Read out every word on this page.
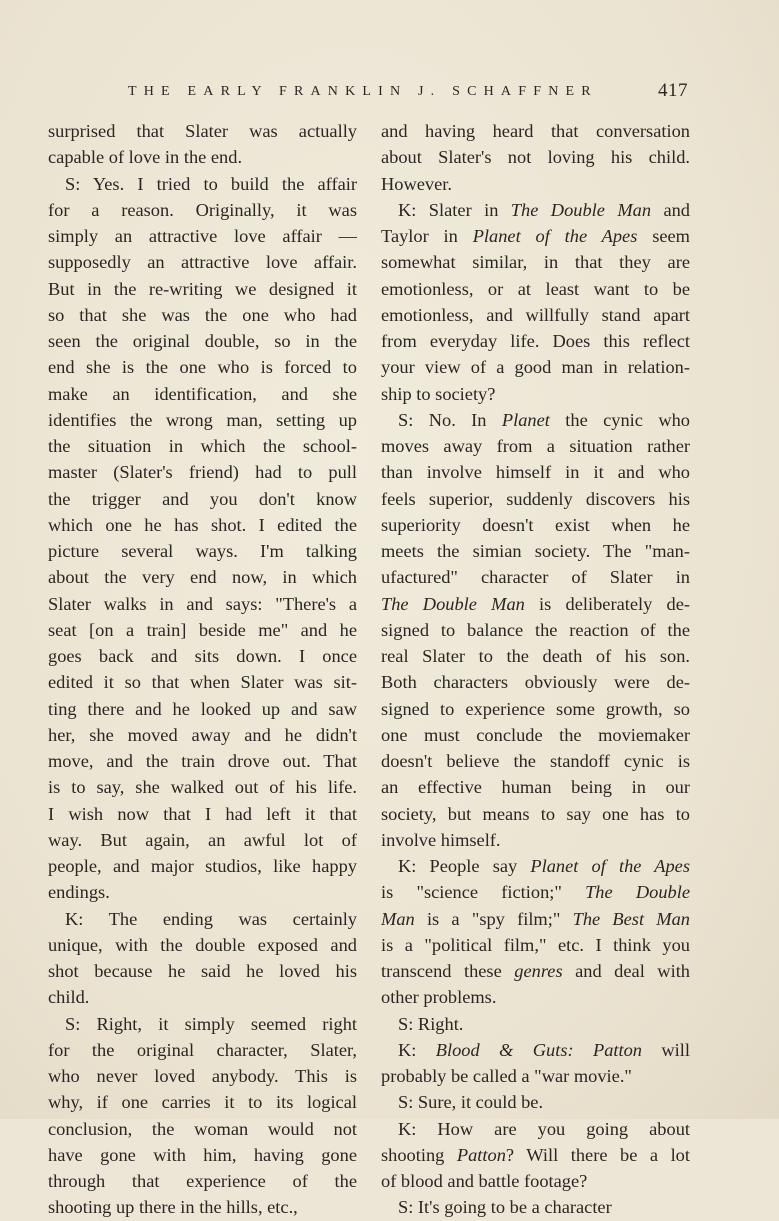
THE EARLY FRANKLIN J. SCHAFFNER	417

surprised that Slater was actually
capable of love in the end.

S: Yes. I tried to build the affair
for a reason. Originally, it was
simply an attractive love affair —
supposedly an attractive love affair.
But in the re-writing we designed it
so that she was the one who had
seen the original double, so in the
end she is the one who is forced to
make an identification, and she
identifies the wrong man, setting up
the situation in which the school-
master (Slater's friend) had to pull
the trigger and you don't know
which one he has shot. I edited the
picture several ways. I'm talking
about the very end now, in which
Slater walks in and says: "There's a
seat [on a train] beside me" and he
goes back and sits down. I once
edited it so that when Slater was sit-
ting there and he looked up and saw
her, she moved away and he didn't
move, and the train drove out. That
is to say, she walked out of his life.
I wish now that I had left it that
way. But again, an awful lot of
people, and major studios, like happy
endings.

K: The ending was certainly
unique, with the double exposed and
shot because he said he loved his
child.

S: Right, it simply seemed right
for the original character, Slater,
who never loved anybody. This is
why, if one carries it to its logical
conclusion, the woman would not
have gone with him, having gone
through that experience of the
shooting up there in the hills, etc.,

and having heard that conversation
about Slater's not loving his child.
However.

K: Slater in The Double Man and
Taylor in Planet of the Apes seem
somewhat similar, in that they are
emotionless, or at least want to be
emotionless, and willfully stand apart
from everyday life. Does this reflect
your view of a good man in relation-
ship to society?

S: No. In Planet the cynic who
moves away from a situation rather
than involve himself in it and who
feels superior, suddenly discovers his
superiority doesn't exist when he
meets the simian society. The "man-
ufactured" character of Slater in
The Double Man is deliberately de-
signed to balance the reaction of the
real Slater to the death of his son.
Both characters obviously were de-
signed to experience some growth, so
one must conclude the moviemaker
doesn't believe the standoff cynic is
an effective human being in our
society, but means to say one has to
involve himself.

K: People say Planet of the Apes
is "science fiction;" The Double
Man is a "spy film;" The Best Man
is a "political film," etc. I think you
transcend these genres and deal with
other problems.

S: Right.

K: Blood & Guts: Patton will
probably be called a "war movie."

S: Sure, it could be.

K: How are you going about
shooting Patton? Will there be a lot
of blood and battle footage?

S: It's going to be a character
